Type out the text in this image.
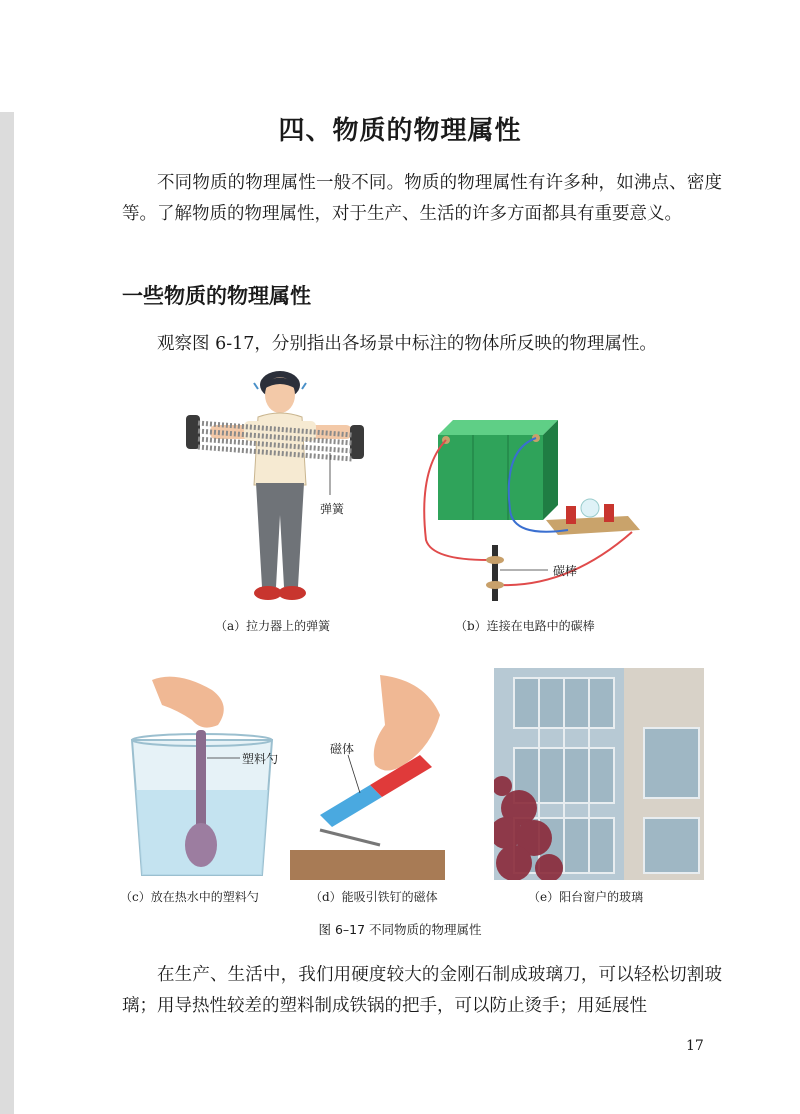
四、物质的物理属性
不同物质的物理属性一般不同。物质的物理属性有许多种，如沸点、密度等。了解物质的物理属性，对于生产、生活的许多方面都具有重要意义。
一些物质的物理属性
观察图 6-17，分别指出各场景中标注的物体所反映的物理属性。
弹簧
（a）拉力器上的弹簧
碳棒
（b）连接在电路中的碳棒
塑料勺
（c）放在热水中的塑料勺
磁体
（d）能吸引铁钉的磁体	（e）阳台窗户的玻璃
图 6–17 不同物质的物理属性
在生产、生活中，我们用硬度较大的金刚石制成玻璃刀，可以轻松切割玻璃；用导热性较差的塑料制成铁锅的把手，可以防止烫手；用延展性
17
